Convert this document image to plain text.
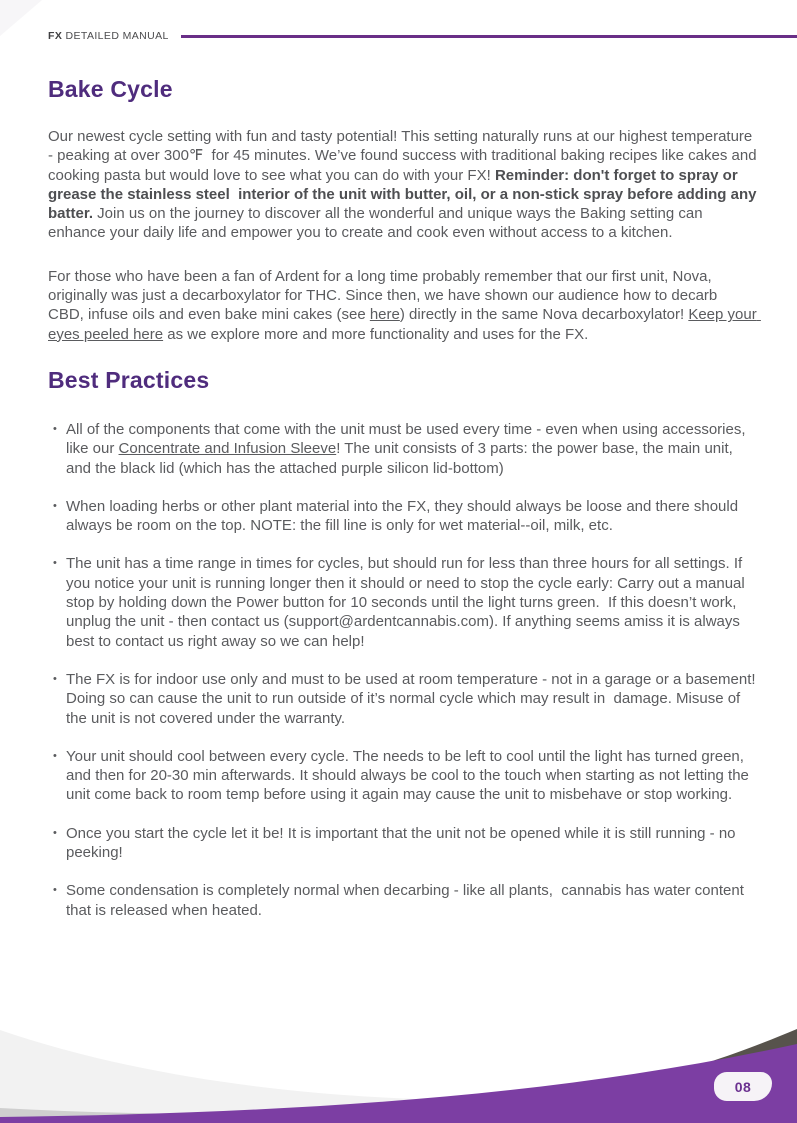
FX DETAILED MANUAL
Bake Cycle

Our newest cycle setting with fun and tasty potential! This setting naturally runs at our highest temperature - peaking at over 300℉  for 45 minutes. We’ve found success with traditional baking recipes like cakes and cooking pasta but would love to see what you can do with your FX! Reminder: don't forget to spray or grease the stainless steel  interior of the unit with butter, oil, or a non-stick spray before adding any batter. Join us on the journey to discover all the wonderful and unique ways the Baking setting can enhance your daily life and empower you to create and cook even without access to a kitchen.

For those who have been a fan of Ardent for a long time probably remember that our first unit, Nova, originally was just a decarboxylator for THC. Since then, we have shown our audience how to decarb CBD, infuse oils and even bake mini cakes (see here) directly in the same Nova decarboxylator! Keep your eyes peeled here as we explore more and more functionality and uses for the FX.

Best Practices
• All of the components that come with the unit must be used every time - even when using accessories, like our Concentrate and Infusion Sleeve! The unit consists of 3 parts: the power base, the main unit, and the black lid (which has the attached purple silicon lid-bottom)
• When loading herbs or other plant material into the FX, they should always be loose and there should always be room on the top. NOTE: the fill line is only for wet material--oil, milk, etc.
• The unit has a time range in times for cycles, but should run for less than three hours for all settings. If you notice your unit is running longer then it should or need to stop the cycle early: Carry out a manual stop by holding down the Power button for 10 seconds until the light turns green.  If this doesn’t work, unplug the unit - then contact us (support@ardentcannabis.com). If anything seems amiss it is always best to contact us right away so we can help!
• The FX is for indoor use only and must to be used at room temperature - not in a garage or a basement! Doing so can cause the unit to run outside of it’s normal cycle which may result in  damage. Misuse of the unit is not covered under the warranty.
• Your unit should cool between every cycle. The needs to be left to cool until the light has turned green, and then for 20-30 min afterwards. It should always be cool to the touch when starting as not letting the unit come back to room temp before using it again may cause the unit to misbehave or stop working.
• Once you start the cycle let it be! It is important that the unit not be opened while it is still running - no peeking!
• Some condensation is completely normal when decarbing - like all plants,  cannabis has water content that is released when heated.
08
